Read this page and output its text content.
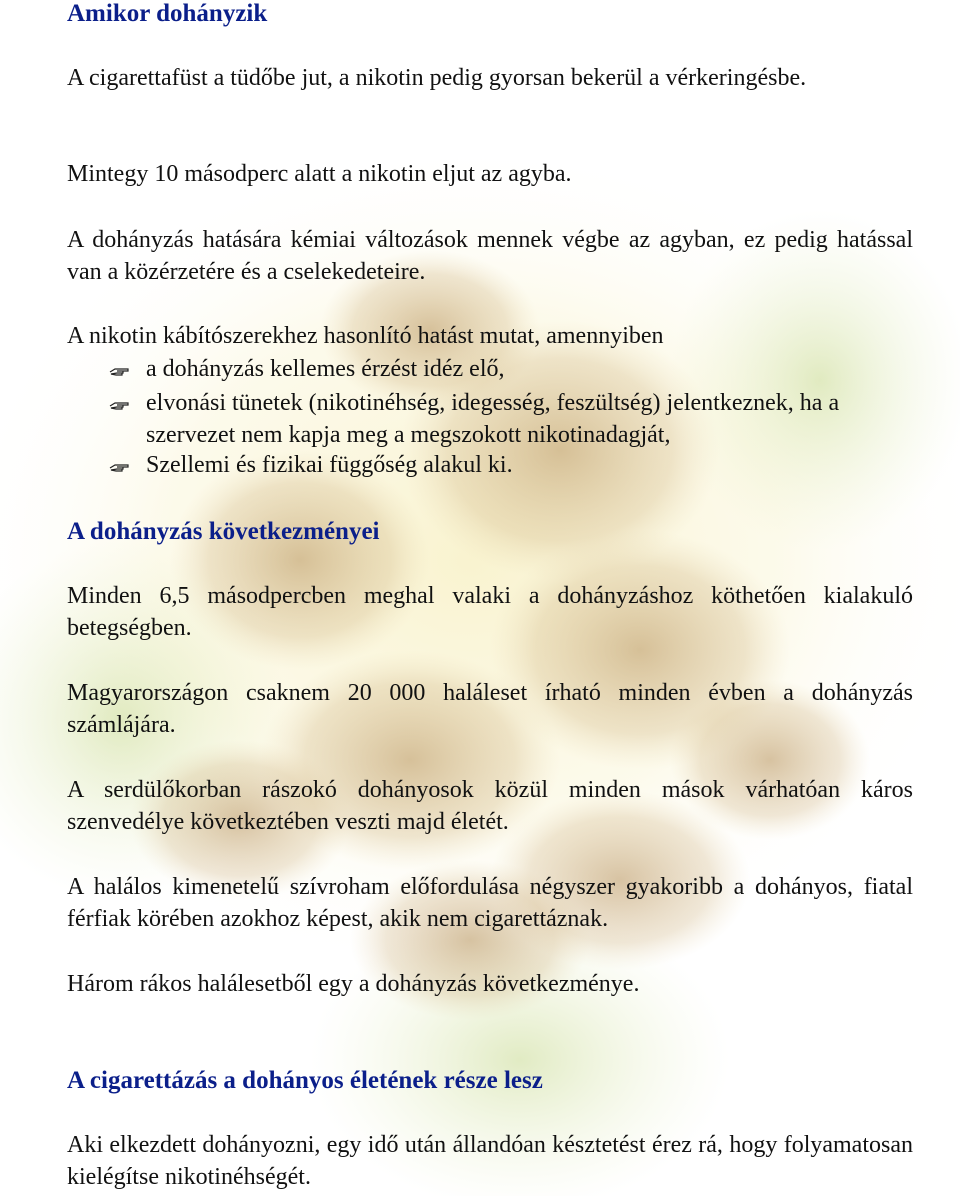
Amikor dohányzik

A cigarettafüst a tüdőbe jut, a nikotin pedig gyorsan bekerül a vérkeringésbe.

Mintegy 10 másodperc alatt a nikotin eljut az agyba.

A dohányzás hatására kémiai változások mennek végbe az agyban, ez pedig hatással van a közérzetére és a cselekedeteire.

A nikotin kábítószerekhez hasonlító hatást mutat, amennyiben

a dohányzás kellemes érzést idéz elő,
elvonási tünetek (nikotinéhség, idegesség, feszültség) jelentkeznek, ha a szervezet nem kapja meg a megszokott nikotinadagját,
Szellemi és fizikai függőség alakul ki.
A dohányzás következményei

Minden 6,5 másodpercben meghal valaki a dohányzáshoz köthetően kialakuló betegségben.

Magyarországon csaknem 20 000 haláleset írható minden évben a dohányzás számlájára.

A serdülőkorban rászokó dohányosok közül minden mások várhatóan káros szenvedélye következtében veszti majd életét.

A halálos kimenetelű szívroham előfordulása négyszer gyakoribb a dohányos, fiatal férfiak körében azokhoz képest, akik nem cigarettáznak.

Három rákos halálesetből egy a dohányzás következménye.

A cigarettázás a dohányos életének része lesz

Aki elkezdett dohányozni, egy idő után állandóan késztetést érez rá, hogy folyamatosan kielégítse nikotinéhségét.
